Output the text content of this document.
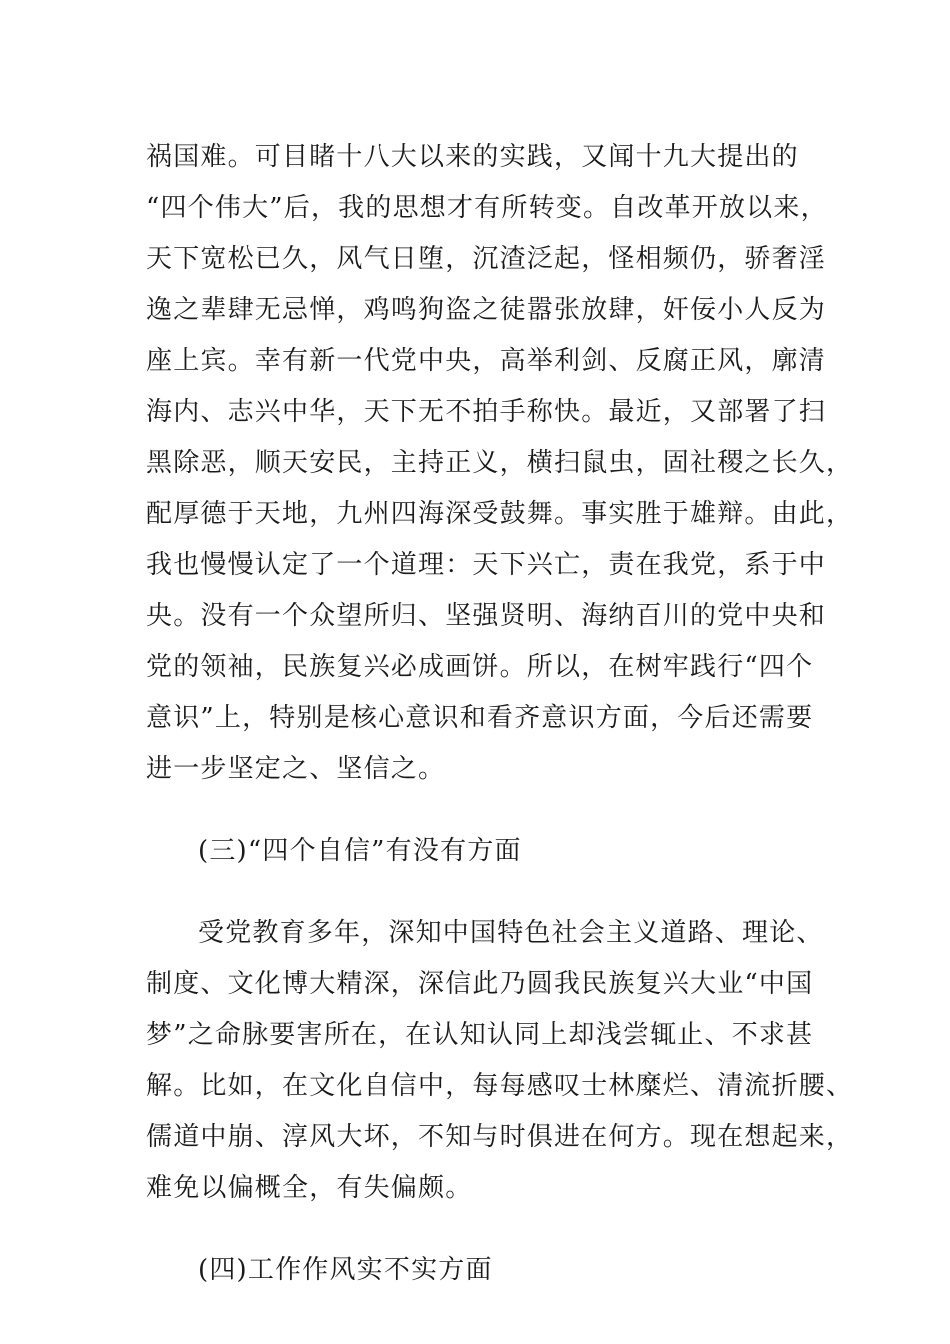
祸国难。可目睹十八大以来的实践，又闻十九大提出的
“四个伟大”后，我的思想才有所转变。自改革开放以来，
天下宽松已久，风气日堕，沉渣泛起，怪相频仍，骄奢淫
逸之辈肆无忌惮，鸡鸣狗盗之徒嚣张放肆，奸佞小人反为
座上宾。幸有新一代党中央，高举利剑、反腐正风，廓清
海内、志兴中华，天下无不拍手称快。最近，又部署了扫
黑除恶，顺天安民，主持正义，横扫鼠虫，固社稷之长久，
配厚德于天地，九州四海深受鼓舞。事实胜于雄辩。由此，
我也慢慢认定了一个道理：天下兴亡，责在我党，系于中
央。没有一个众望所归、坚强贤明、海纳百川的党中央和
党的领袖，民族复兴必成画饼。所以，在树牢践行“四个
意识”上，特别是核心意识和看齐意识方面，今后还需要
进一步坚定之、坚信之。
(三)“四个自信”有没有方面
受党教育多年，深知中国特色社会主义道路、理论、
制度、文化博大精深，深信此乃圆我民族复兴大业“中国
梦”之命脉要害所在，在认知认同上却浅尝辄止、不求甚
解。比如，在文化自信中，每每感叹士林糜烂、清流折腰、
儒道中崩、淳风大坏，不知与时俱进在何方。现在想起来，
难免以偏概全，有失偏颇。
(四)工作作风实不实方面
